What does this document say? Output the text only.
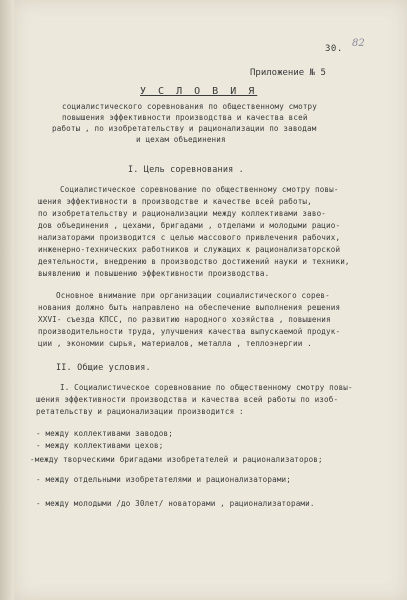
30. 82
Приложение № 5
У С Л О В И Я
социалистического соревнования по общественному смотру
повышения эффективности производства и качества всей
работы , по изобретательству и рационализации по заводам
и цехам объединения
I. Цель соревнования .
Социалистическое соревнование по общественному смотру повы-
шения эффективности в производстве и качестве всей работы,
по изобретательству и рационализации между коллективами заво-
дов объединения , цехами, бригадами , отделами и молодыми рацио-
нализаторами производится с целью массового привлечения рабочих,
инженерно-технических работников и служащих к рационализаторской
деятельности, внедрению в производство достижений науки и техники,
выявлению и повышению эффективности производства.
Основное внимание при организации социалистического сорев-
нования должно быть направлено на обеспечение выполнения решения
XXVI- съезда КПСС, по развитию народного хозяйства , повышения
производительности труда, улучшения качества выпускаемой продук-
ции , экономии сырья, материалов, металла , теплоэнергии .
II. Общие условия.
I. Социалистическое соревнование по общественному смотру повы-
шения эффективности производства и качества всей работы по изоб-
ретательству и рационализации производится :
- между коллективами заводов;
- между коллективами цехов;
-между творческими бригадами изобретателей и рационализаторов;
- между отдельными изобретателями и рационализаторами;
- между молодыми /до 30лет/ новаторами , рационализаторами.
